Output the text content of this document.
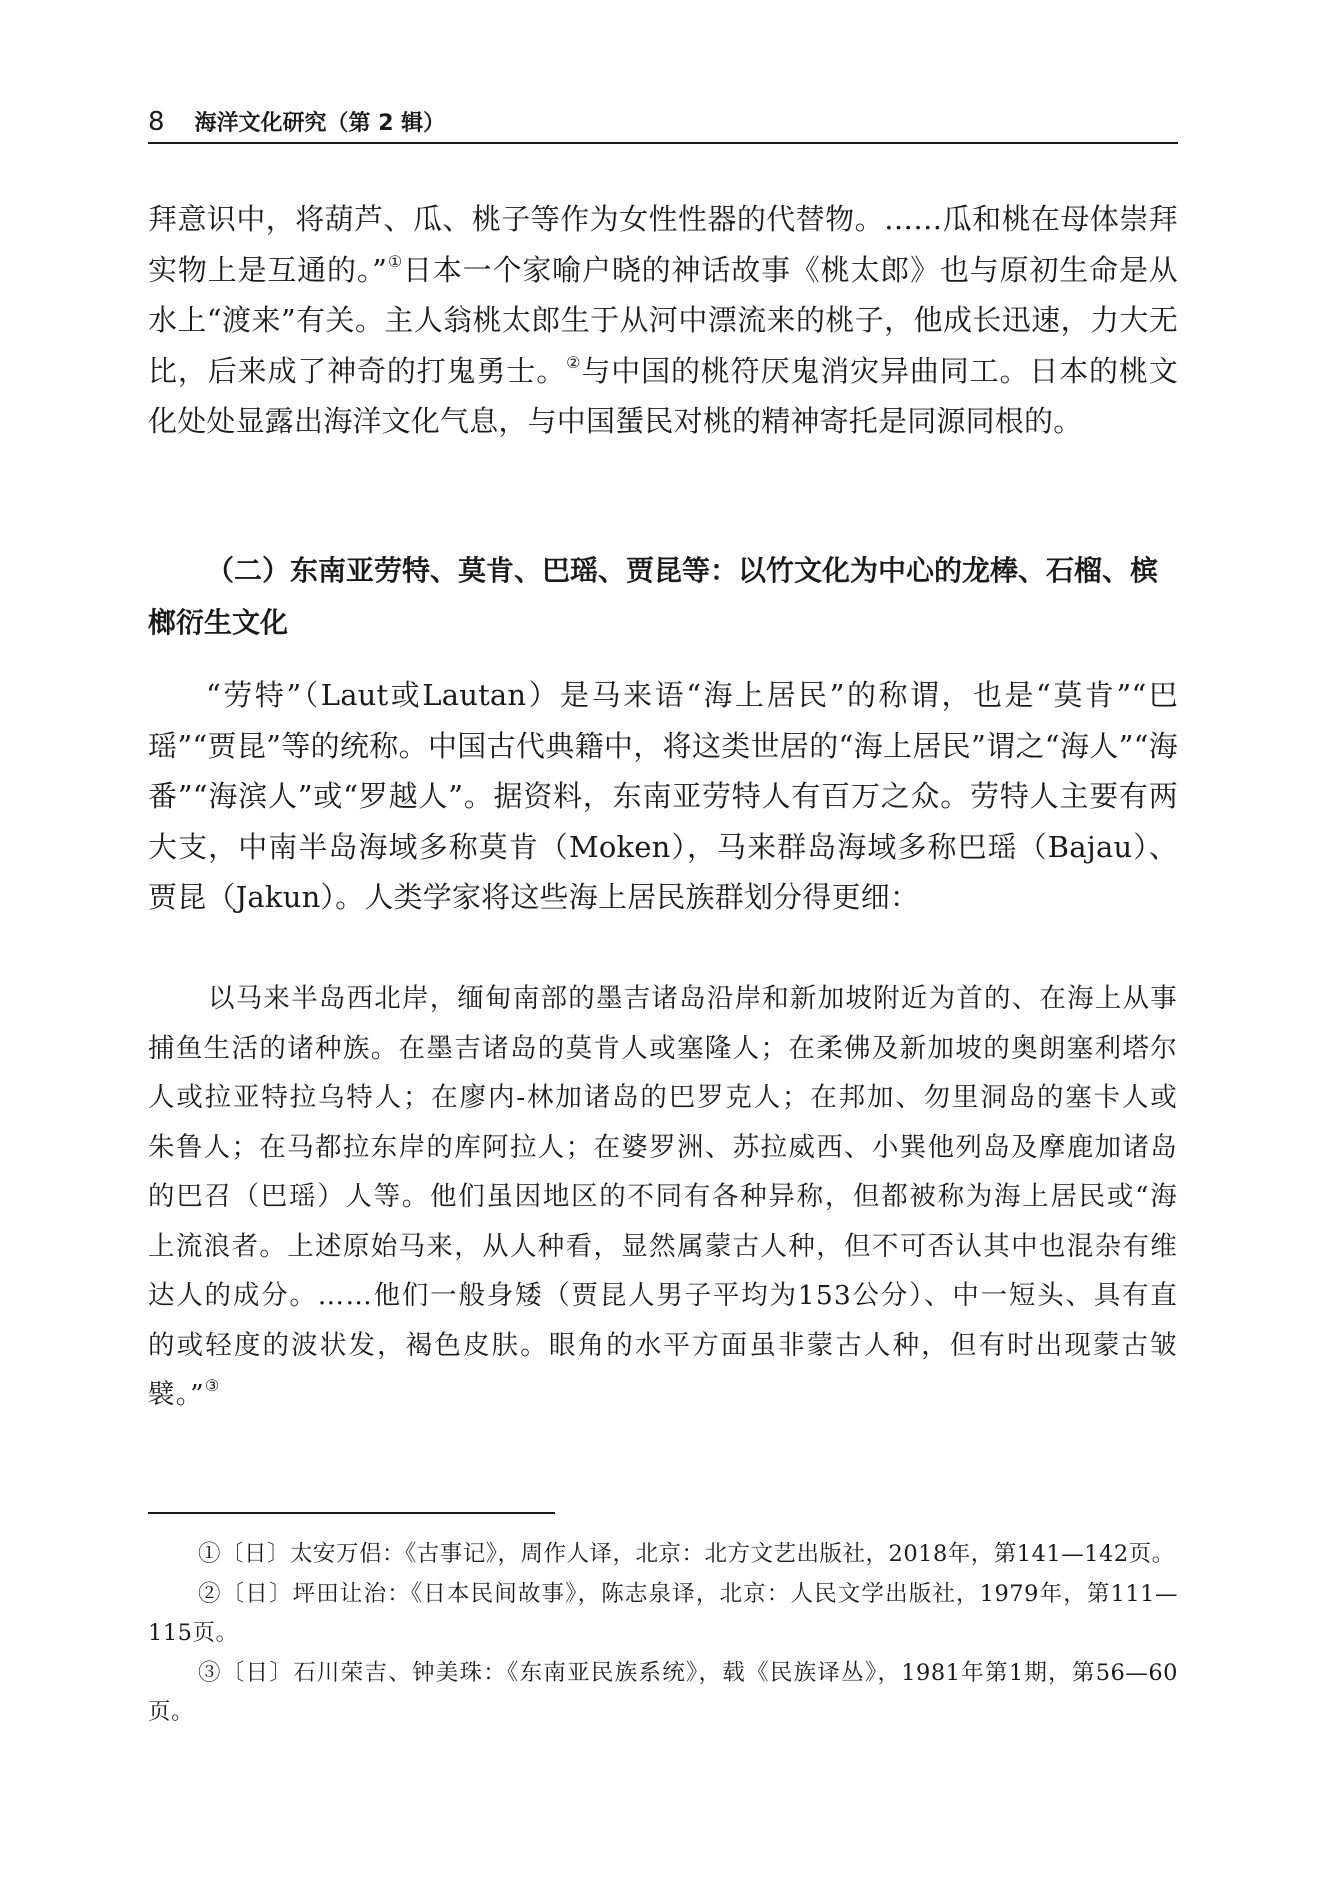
8 海洋文化研究（第 2 辑）
拜意识中，将葫芦、瓜、桃子等作为女性性器的代替物。……瓜和桃在母体崇拜实物上是互通的。”①日本一个家喻户晓的神话故事《桃太郎》也与原初生命是从水上“渡来”有关。主人翁桃太郎生于从河中漂流来的桃子，他成长迅速，力大无比，后来成了神奇的打鬼勇士。②与中国的桃符厌鬼消灾异曲同工。日本的桃文化处处显露出海洋文化气息，与中国蜑民对桃的精神寄托是同源同根的。
（二）东南亚劳特、莫肯、巴瑶、贾昆等：以竹文化为中心的龙棒、石榴、槟榔衍生文化
“劳特”（Laut或Lautan）是马来语“海上居民”的称谓，也是“莫肯”“巴瑶”“贾昆”等的统称。中国古代典籍中，将这类世居的“海上居民”谓之“海人”“海番”“海滨人”或“罗越人”。据资料，东南亚劳特人有百万之众。劳特人主要有两大支，中南半岛海域多称莫肯（Moken），马来群岛海域多称巴瑶（Bajau）、贾昆（Jakun）。人类学家将这些海上居民族群划分得更细：
以马来半岛西北岸，缅甸南部的墨吉诸岛沿岸和新加坡附近为首的、在海上从事捕鱼生活的诸种族。在墨吉诸岛的莫肯人或塞隆人；在柔佛及新加坡的奥朗塞利塔尔人或拉亚特拉乌特人；在廖内-林加诸岛的巴罗克人；在邦加、勿里洞岛的塞卡人或朱鲁人；在马都拉东岸的库阿拉人；在婆罗洲、苏拉威西、小巽他列岛及摩鹿加诸岛的巴召（巴瑶）人等。他们虽因地区的不同有各种异称，但都被称为海上居民或“海上流浪者。上述原始马来，从人种看，显然属蒙古人种，但不可否认其中也混杂有维达人的成分。……他们一般身矮（贾昆人男子平均为153公分）、中一短头、具有直的或轻度的波状发，褐色皮肤。眼角的水平方面虽非蒙古人种，但有时出现蒙古皱襞。”③

①〔日〕太安万侣：《古事记》，周作人译，北京：北方文艺出版社，2018年，第141—142页。

②〔日〕坪田让治：《日本民间故事》，陈志泉译，北京：人民文学出版社，1979年，第111—115页。

③〔日〕石川荣吉、钟美珠：《东南亚民族系统》，载《民族译丛》，1981年第1期，第56—60页。
